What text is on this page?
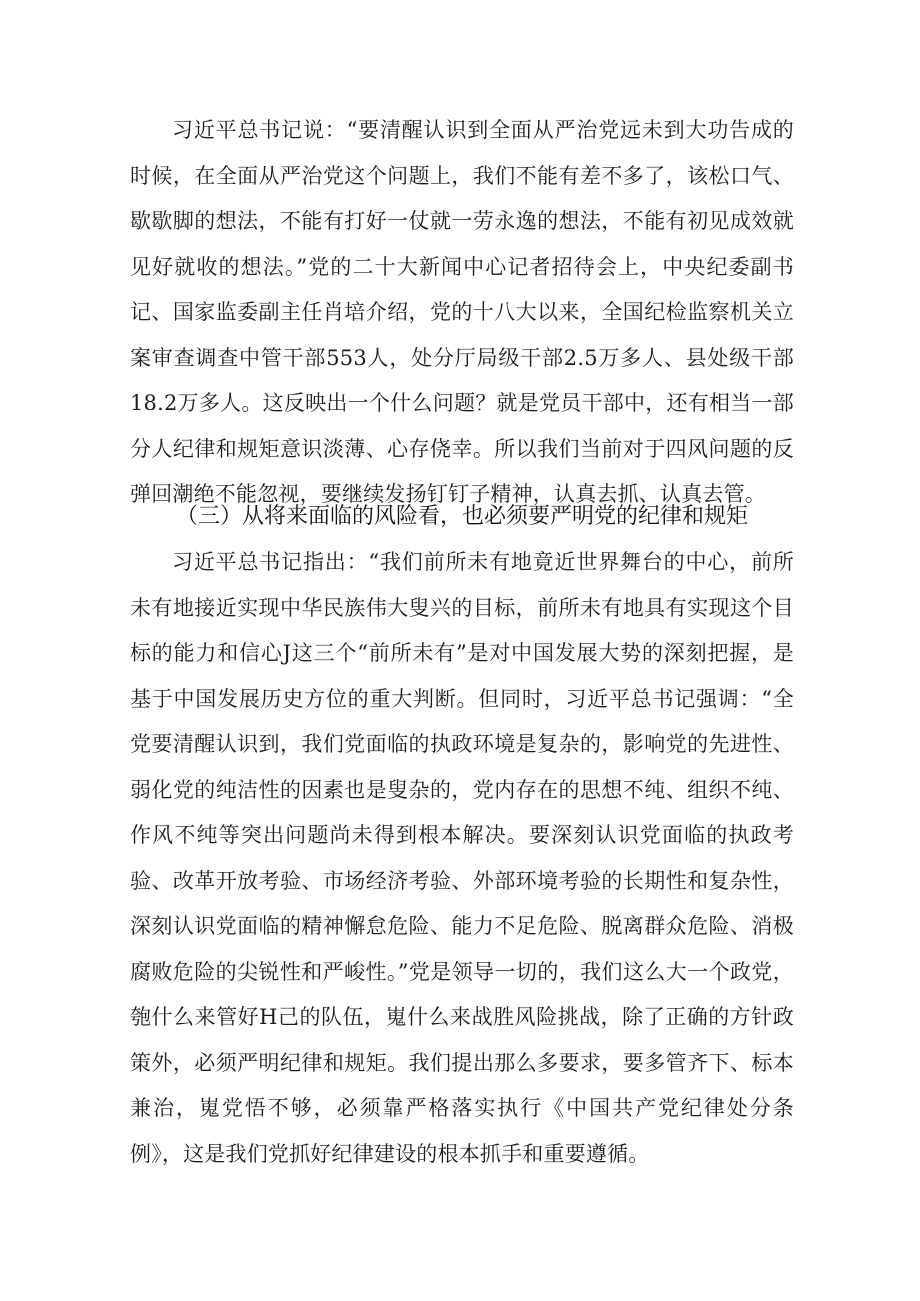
习近平总书记说：“要清醒认识到全面从严治党远未到大功告成的时候，在全面从严治党这个问题上，我们不能有差不多了，该松口气、歇歇脚的想法，不能有打好一仗就一劳永逸的想法，不能有初见成效就见好就收的想法。”党的二十大新闻中心记者招待会上，中央纪委副书记、国家监委副主任肖培介绍，党的十八大以来，全国纪检监察机关立案审查调查中管干部553人，处分厅局级干部2.5万多人、县处级干部18.2万多人。这反映出一个什么问题？就是党员干部中，还有相当一部分人纪律和规矩意识淡薄、心存侥幸。所以我们当前对于四风问题的反弹回潮绝不能忽视，要继续发扬钉钉子精神，认真去抓、认真去管。

（三）从将来面临的风险看，也必须要严明党的纪律和规矩

习近平总书记指出：“我们前所未有地竟近世界舞台的中心，前所未有地接近实现中华民族伟大叟兴的目标，前所未有地具有实现这个目标的能力和信心J这三个“前所未有”是对中国发展大势的深刻把握，是基于中国发展历史方位的重大判断。但同时，习近平总书记强调：“全党要清醒认识到，我们党面临的执政环境是复杂的，影响党的先进性、弱化党的纯洁性的因素也是叟杂的，党内存在的思想不纯、组织不纯、作风不纯等突出问题尚未得到根本解决。要深刻认识党面临的执政考验、改革开放考验、市场经济考验、外部环境考验的长期性和复杂性，深刻认识党面临的精神懈怠危险、能力不足危险、脱离群众危险、消极腐败危险的尖锐性和严峻性。”党是领导一切的，我们这么大一个政党，匏什么来管好H己的队伍，嵬什么来战胜风险挑战，除了正确的方针政策外，必须严明纪律和规矩。我们提出那么多要求，要多管齐下、标本兼治，嵬党悟不够，必须靠严格落实执行《中国共产党纪律处分条例》，这是我们党抓好纪律建设的根本抓手和重要遵循。
